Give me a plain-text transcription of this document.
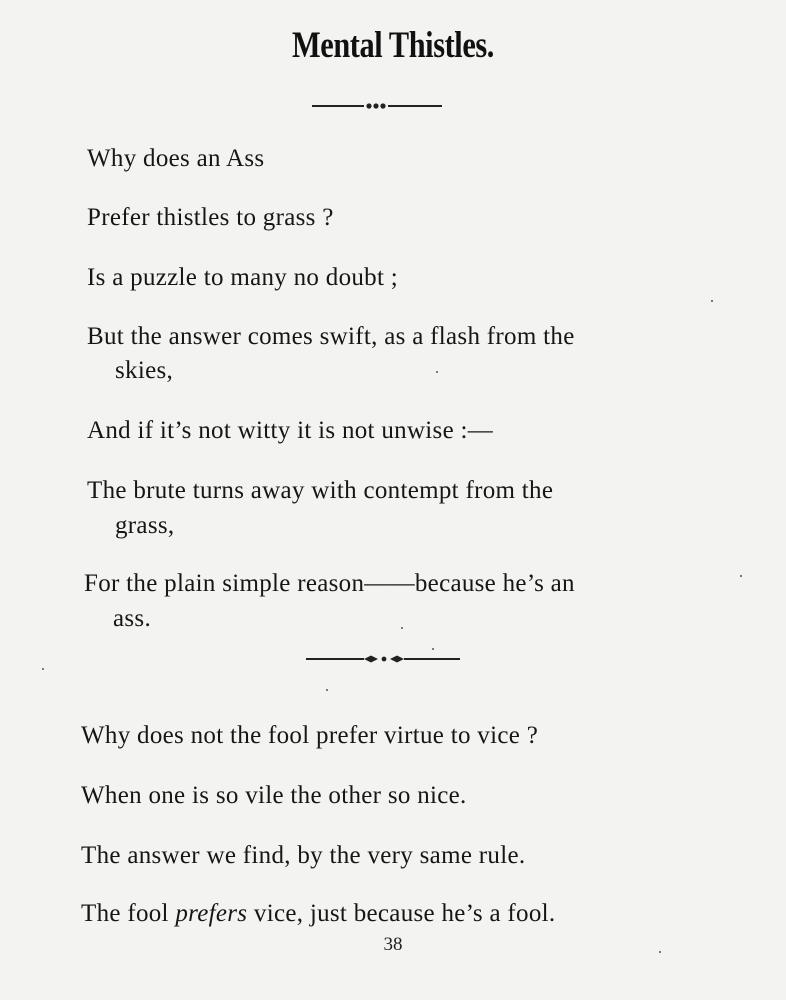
Mental Thistles.
Why does an Ass
Prefer thistles to grass ?
Is a puzzle to many no doubt ;
But the answer comes swift, as a flash from the
skies,
And if it’s not witty it is not unwise :—
The brute turns away with contempt from the
grass,
For the plain simple reason——because he’s an
ass.
Why does not the fool prefer virtue to vice ?
When one is so vile the other so nice.
The answer we find, by the very same rule.
The fool prefers vice, just because he’s a fool.
38
